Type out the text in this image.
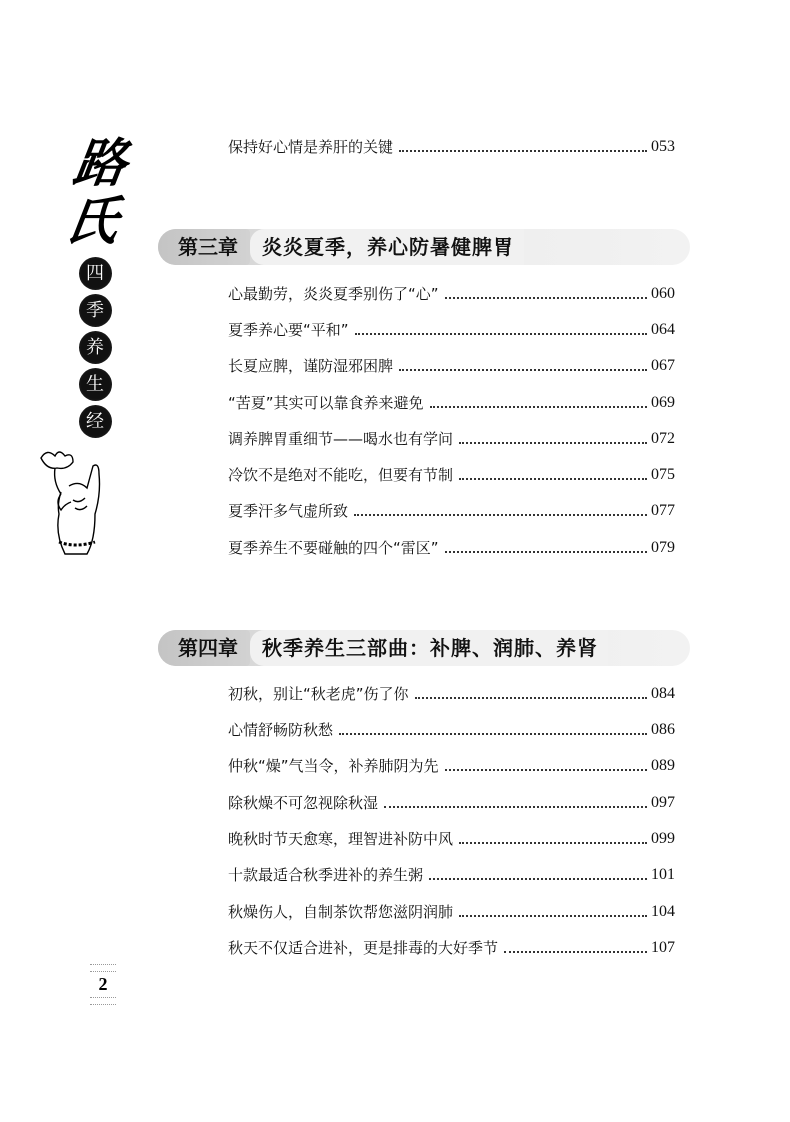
路氏
四
季
养
生
经
保持好心情是养肝的关键	053
第三章	炎炎夏季，养心防暑健脾胃
心最勤劳，炎炎夏季别伤了“心”	060
夏季养心要“平和”	064
长夏应脾，谨防湿邪困脾	067
“苦夏”其实可以靠食养来避免	069
调养脾胃重细节——喝水也有学问	072
冷饮不是绝对不能吃，但要有节制	075
夏季汗多气虚所致	077
夏季养生不要碰触的四个“雷区”	079
第四章	秋季养生三部曲：补脾、润肺、养肾
初秋，别让“秋老虎”伤了你	084
心情舒畅防秋愁	086
仲秋“燥”气当令，补养肺阴为先	089
除秋燥不可忽视除秋湿	097
晚秋时节天愈寒，理智进补防中风	099
十款最适合秋季进补的养生粥	101
秋燥伤人，自制茶饮帮您滋阴润肺	104
秋天不仅适合进补，更是排毒的大好季节	107
2
